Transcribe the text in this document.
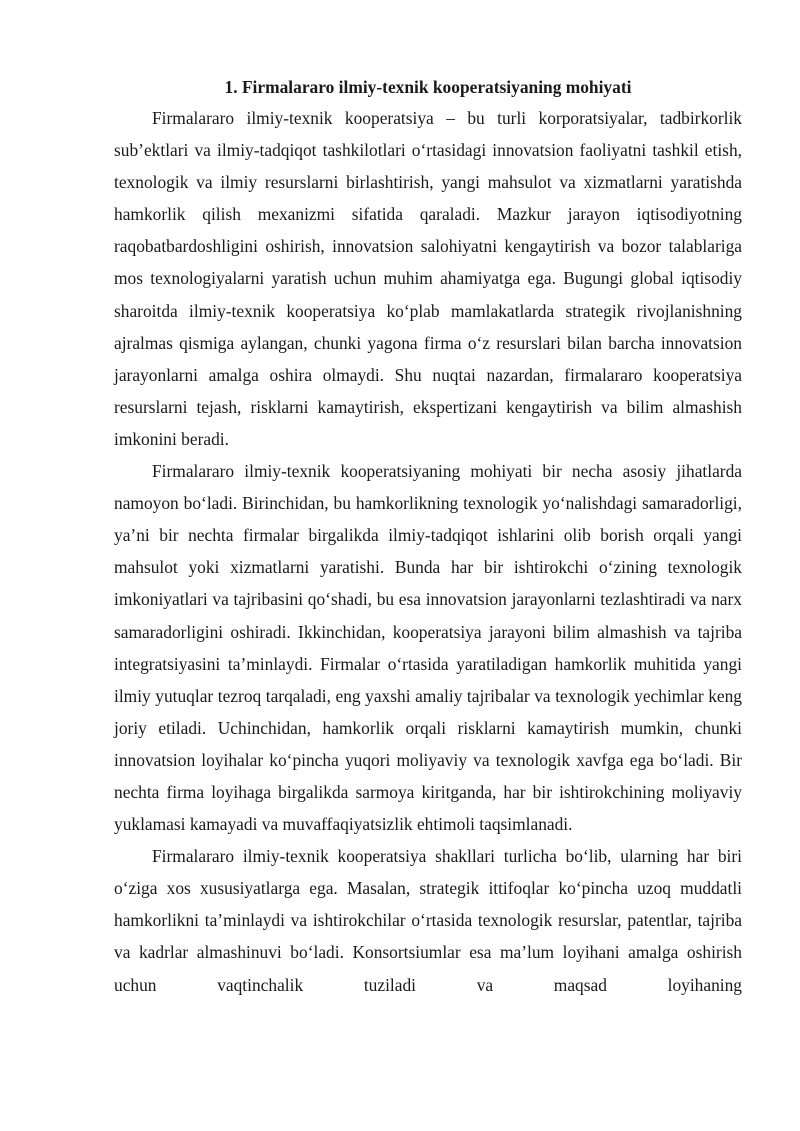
1. Firmalararo ilmiy-texnik kooperatsiyaning mohiyati

Firmalararo ilmiy-texnik kooperatsiya – bu turli korporatsiyalar, tadbirkorlik sub’ektlari va ilmiy-tadqiqot tashkilotlari o‘rtasidagi innovatsion faoliyatni tashkil etish, texnologik va ilmiy resurslarni birlashtirish, yangi mahsulot va xizmatlarni yaratishda hamkorlik qilish mexanizmi sifatida qaraladi. Mazkur jarayon iqtisodiyotning raqobatbardoshligini oshirish, innovatsion salohiyatni kengaytirish va bozor talablariga mos texnologiyalarni yaratish uchun muhim ahamiyatga ega. Bugungi global iqtisodiy sharoitda ilmiy-texnik kooperatsiya ko‘plab mamlakatlarda strategik rivojlanishning ajralmas qismiga aylangan, chunki yagona firma o‘z resurslari bilan barcha innovatsion jarayonlarni amalga oshira olmaydi. Shu nuqtai nazardan, firmalararo kooperatsiya resurslarni tejash, risklarni kamaytirish, ekspertizani kengaytirish va bilim almashish imkonini beradi.

Firmalararo ilmiy-texnik kooperatsiyaning mohiyati bir necha asosiy jihatlarda namoyon bo‘ladi. Birinchidan, bu hamkorlikning texnologik yo‘nalishdagi samaradorligi, ya’ni bir nechta firmalar birgalikda ilmiy-tadqiqot ishlarini olib borish orqali yangi mahsulot yoki xizmatlarni yaratishi. Bunda har bir ishtirokchi o‘zining texnologik imkoniyatlari va tajribasini qo‘shadi, bu esa innovatsion jarayonlarni tezlashtiradi va narx samaradorligini oshiradi. Ikkinchidan, kooperatsiya jarayoni bilim almashish va tajriba integratsiyasini ta’minlaydi. Firmalar o‘rtasida yaratiladigan hamkorlik muhitida yangi ilmiy yutuqlar tezroq tarqaladi, eng yaxshi amaliy tajribalar va texnologik yechimlar keng joriy etiladi. Uchinchidan, hamkorlik orqali risklarni kamaytirish mumkin, chunki innovatsion loyihalar ko‘pincha yuqori moliyaviy va texnologik xavfga ega bo‘ladi. Bir nechta firma loyihaga birgalikda sarmoya kiritganda, har bir ishtirokchining moliyaviy yuklamasi kamayadi va muvaffaqiyatsizlik ehtimoli taqsimlanadi.

Firmalararo ilmiy-texnik kooperatsiya shakllari turlicha bo‘lib, ularning har biri o‘ziga xos xususiyatlarga ega. Masalan, strategik ittifoqlar ko‘pincha uzoq muddatli hamkorlikni ta’minlaydi va ishtirokchilar o‘rtasida texnologik resurslar, patentlar, tajriba va kadrlar almashinuvi bo‘ladi. Konsortsiumlar esa ma’lum loyihani amalga oshirish uchun vaqtinchalik tuziladi va maqsad loyihaning
